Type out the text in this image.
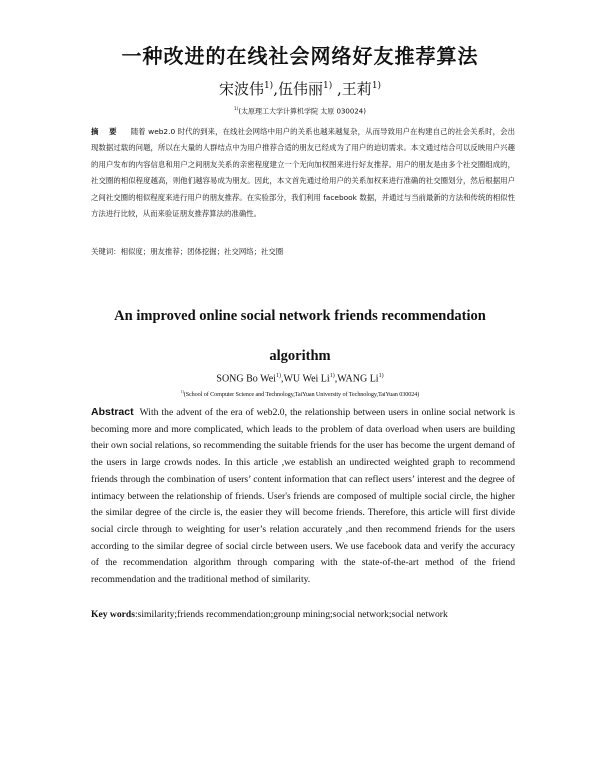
一种改进的在线社会网络好友推荐算法
宋波伟$^{1)}$,伍伟丽$^{1)}$ ,王莉$^{1)}$
$^{1)}$(太原理工大学计算机学院 太原 030024)
摘 要 随着 web2.0 时代的到来，在线社会网络中用户的关系也越来越复杂，从而导致用户在构建自己的社会关系时，会出现数据过载的问题，所以在大量的人群结点中为用户推荐合适的朋友已经成为了用户的迫切需求。本文通过结合可以反映用户兴趣的用户发布的内容信息和用户之间朋友关系的亲密程度建立一个无向加权图来进行好友推荐。用户的朋友是由多个社交圈组成的，社交圈的相似程度越高，则他们越容易成为朋友。因此，本文首先通过给用户的关系加权来进行准确的社交圈划分，然后根据用户之间社交圈的相似程度来进行用户的朋友推荐。在实验部分，我们利用 facebook 数据，并通过与当前最新的方法和传统的相似性方法进行比较，从而来验证朋友推荐算法的准确性。
关键词：相似度；朋友推荐；团体挖掘；社交网络；社交圈
An improved online social network friends recommendation
algorithm
SONG Bo Wei$^{1)}$,WU Wei Li$^{1)}$,WANG Li$^{1)}$
$^{1)}$(School of Computer Science and Technology,TaiYuan University of Technology,TaiYuan 030024)
Abstract With the advent of the era of web2.0, the relationship between users in online social network is becoming more and more complicated, which leads to the problem of data overload when users are building their own social relations, so recommending the suitable friends for the user has become the urgent demand of the users in large crowds nodes. In this article ,we establish an undirected weighted graph to recommend friends through the combination of users’ content information that can reflect users’ interest and the degree of intimacy between the relationship of friends. User's friends are composed of multiple social circle, the higher the similar degree of the circle is, the easier they will become friends. Therefore, this article will first divide social circle through to weighting for user’s relation accurately ,and then recommend friends for the users according to the similar degree of social circle between users. We use facebook data and verify the accuracy of the recommendation algorithm through comparing with the state-of-the-art method of the friend recommendation and the traditional method of similarity.
Key words:similarity;friends recommendation;grounp mining;social network;social network
